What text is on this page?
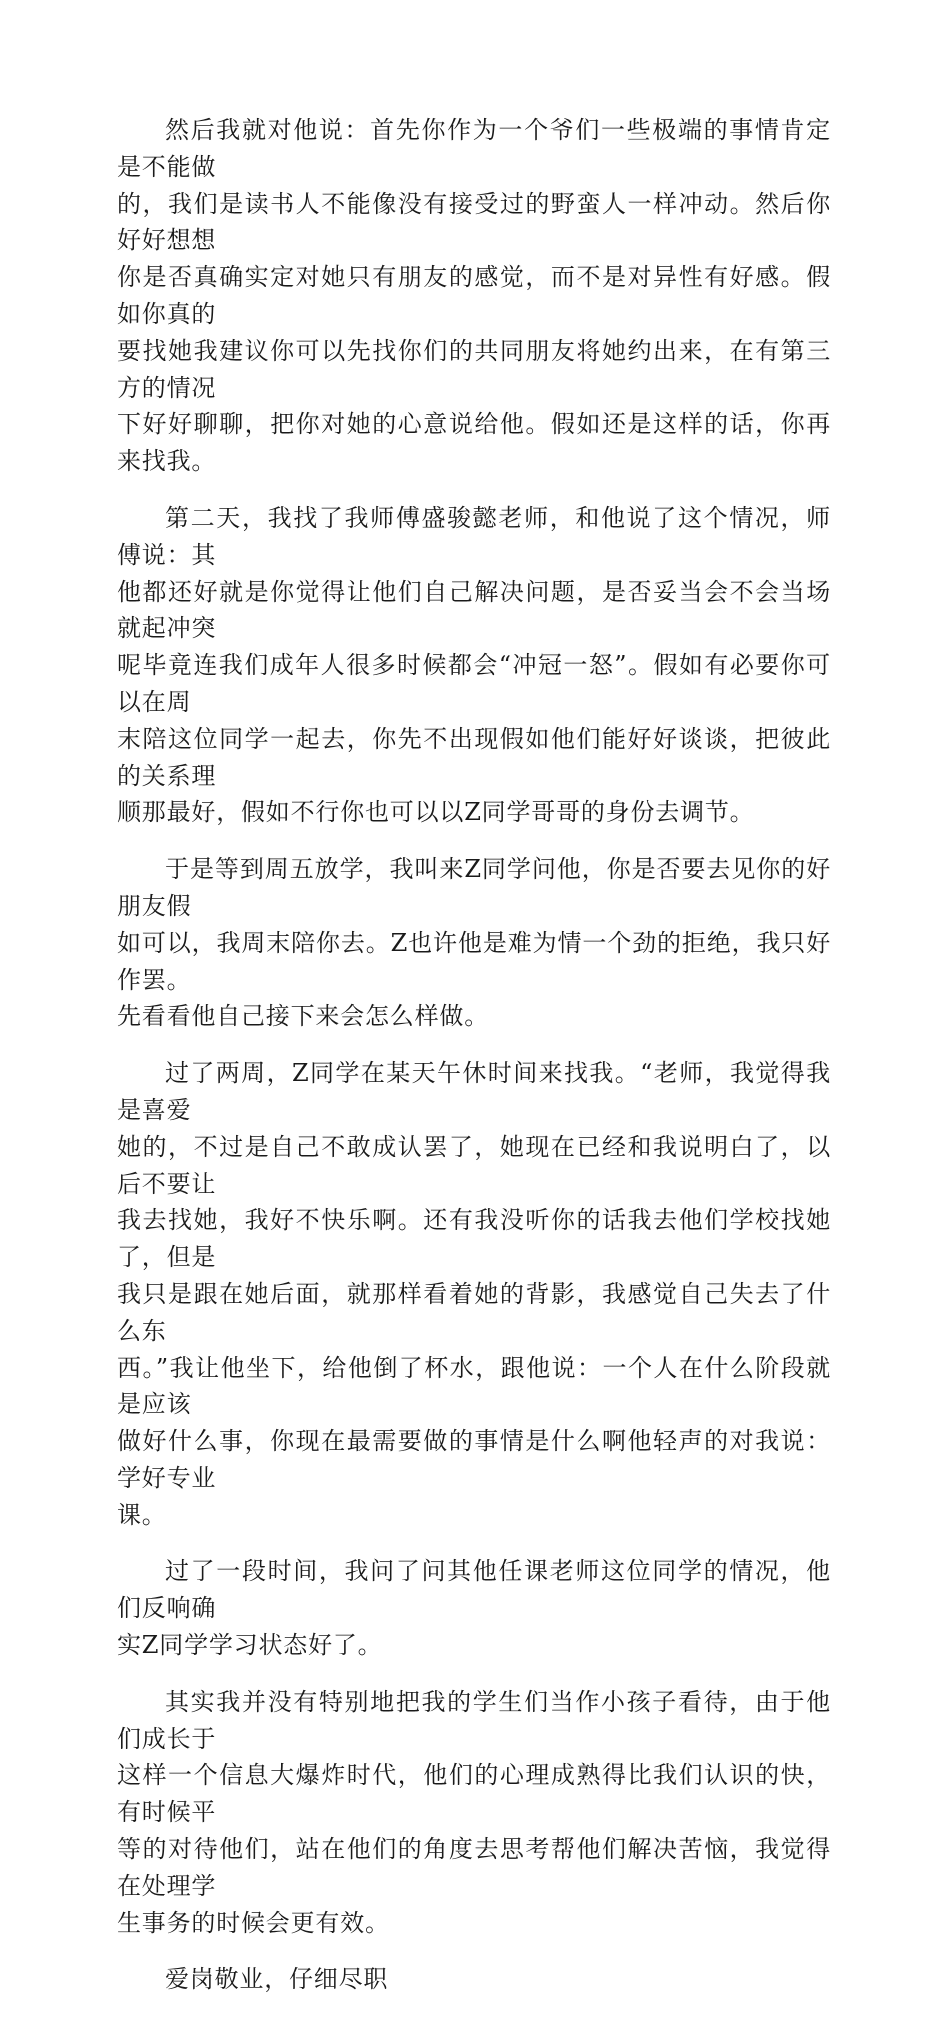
然后我就对他说：首先你作为一个爷们一些极端的事情肯定是不能做
的，我们是读书人不能像没有接受过的野蛮人一样冲动。然后你好好想想
你是否真确实定对她只有朋友的感觉，而不是对异性有好感。假如你真的
要找她我建议你可以先找你们的共同朋友将她约出来，在有第三方的情况
下好好聊聊，把你对她的心意说给他。假如还是这样的话，你再来找我。

第二天，我找了我师傅盛骏懿老师，和他说了这个情况，师傅说：其
他都还好就是你觉得让他们自己解决问题，是否妥当会不会当场就起冲突
呢毕竟连我们成年人很多时候都会“冲冠一怒”。假如有必要你可以在周
末陪这位同学一起去，你先不出现假如他们能好好谈谈，把彼此的关系理
顺那最好，假如不行你也可以以Z同学哥哥的身份去调节。

于是等到周五放学，我叫来Z同学问他，你是否要去见你的好朋友假
如可以，我周末陪你去。Z也许他是难为情一个劲的拒绝，我只好作罢。
先看看他自己接下来会怎么样做。

过了两周，Z同学在某天午休时间来找我。“老师，我觉得我是喜爱
她的，不过是自己不敢成认罢了，她现在已经和我说明白了，以后不要让
我去找她，我好不快乐啊。还有我没听你的话我去他们学校找她了，但是
我只是跟在她后面，就那样看着她的背影，我感觉自己失去了什么东
西。”我让他坐下，给他倒了杯水，跟他说：一个人在什么阶段就是应该
做好什么事，你现在最需要做的事情是什么啊他轻声的对我说：学好专业
课。

过了一段时间，我问了问其他任课老师这位同学的情况，他们反响确
实Z同学学习状态好了。

其实我并没有特别地把我的学生们当作小孩子看待，由于他们成长于
这样一个信息大爆炸时代，他们的心理成熟得比我们认识的快，有时候平
等的对待他们，站在他们的角度去思考帮他们解决苦恼，我觉得在处理学
生事务的时候会更有效。

爱岗敬业，仔细尽职
